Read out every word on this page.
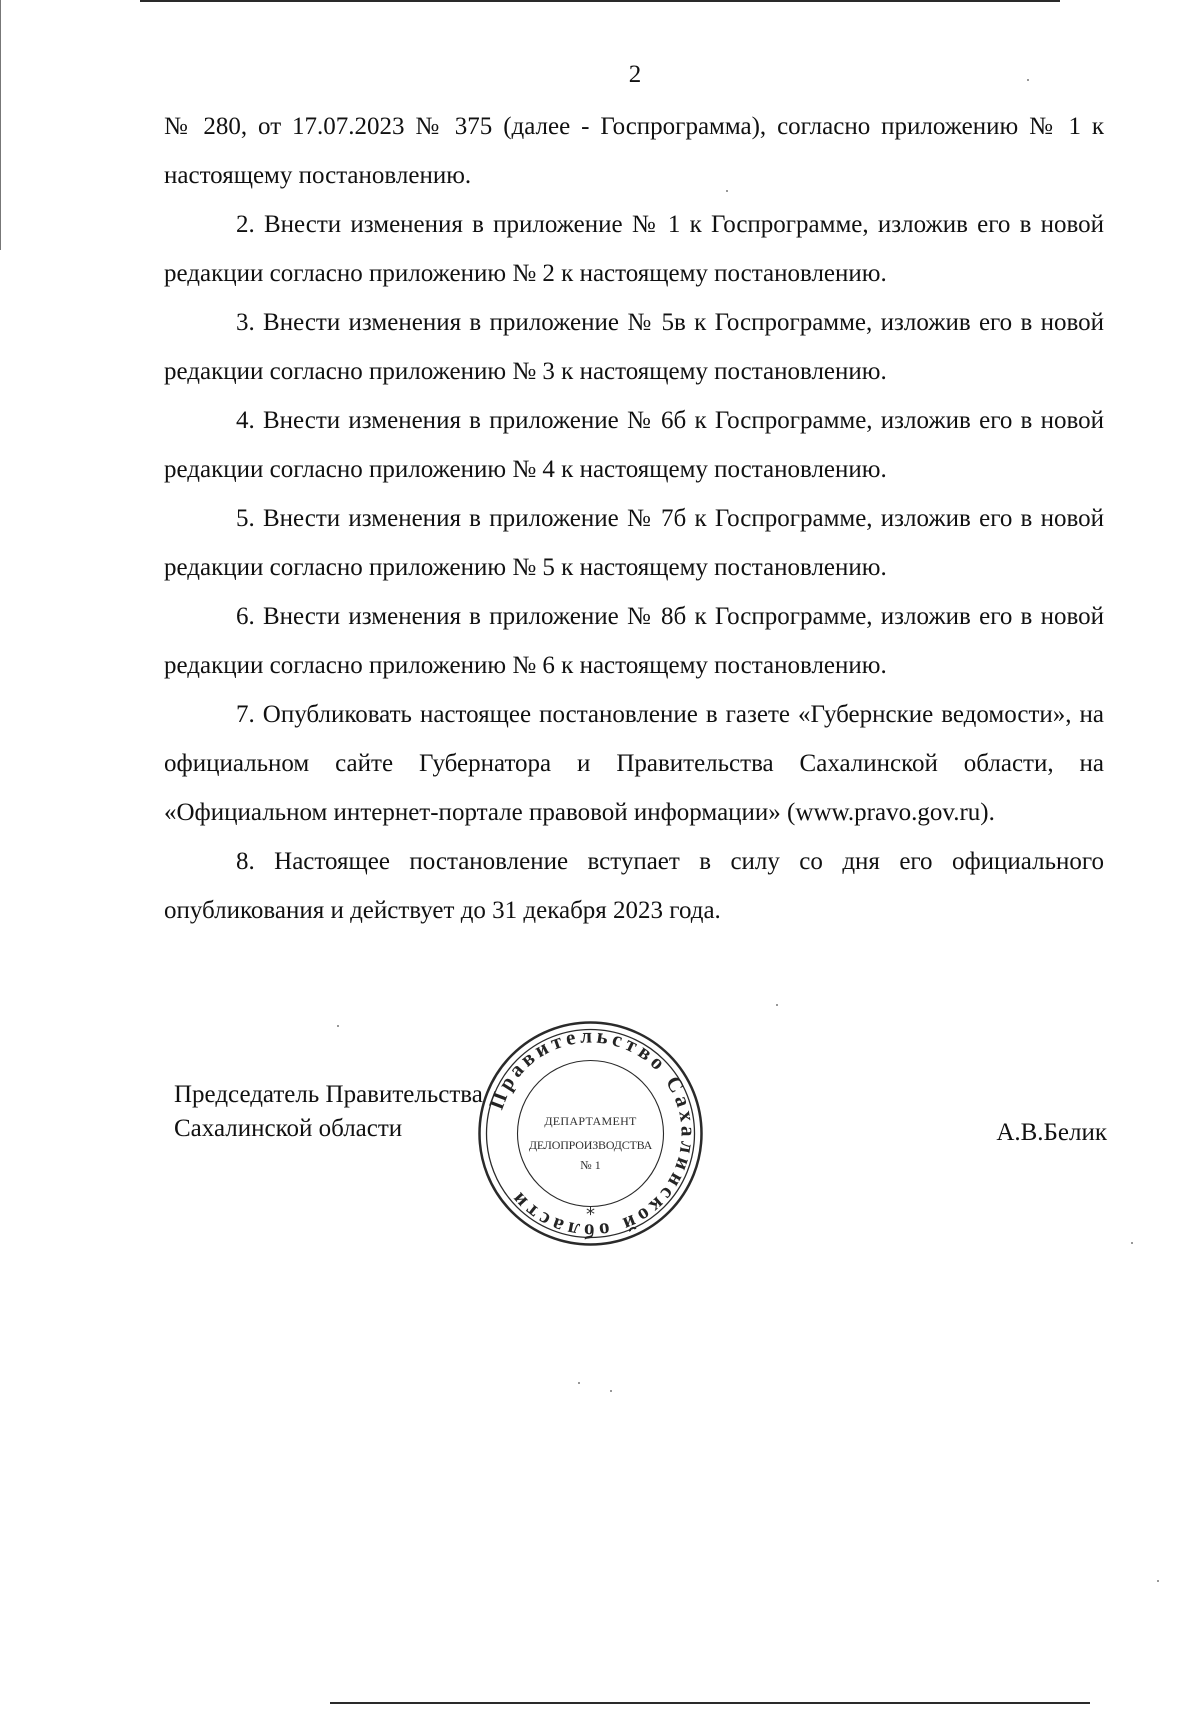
2

№ 280, от 17.07.2023 № 375 (далее - Госпрограмма), согласно приложению № 1 к настоящему постановлению.

2. Внести изменения в приложение № 1 к Госпрограмме, изложив его в новой редакции согласно приложению № 2 к настоящему постановлению.

3. Внести изменения в приложение № 5в к Госпрограмме, изложив его в новой редакции согласно приложению № 3 к настоящему постановлению.

4. Внести изменения в приложение № 6б к Госпрограмме, изложив его в новой редакции согласно приложению № 4 к настоящему постановлению.

5. Внести изменения в приложение № 7б к Госпрограмме, изложив его в новой редакции согласно приложению № 5 к настоящему постановлению.

6. Внести изменения в приложение № 8б к Госпрограмме, изложив его в новой редакции согласно приложению № 6 к настоящему постановлению.

7. Опубликовать настоящее постановление в газете «Губернские ведомости», на официальном сайте Губернатора и Правительства Сахалинской области, на «Официальном интернет-портале правовой информации» (www.pravo.gov.ru).

8. Настоящее постановление вступает в силу со дня его официального опубликования и действует до 31 декабря 2023 года.

Председатель Правительства
Сахалинской области	А.В.Белик
Правительство Сахалинской области
ДЕПАРТАМЕНТ
ДЕЛОПРОИЗВОДСТВА
№ 1
*
